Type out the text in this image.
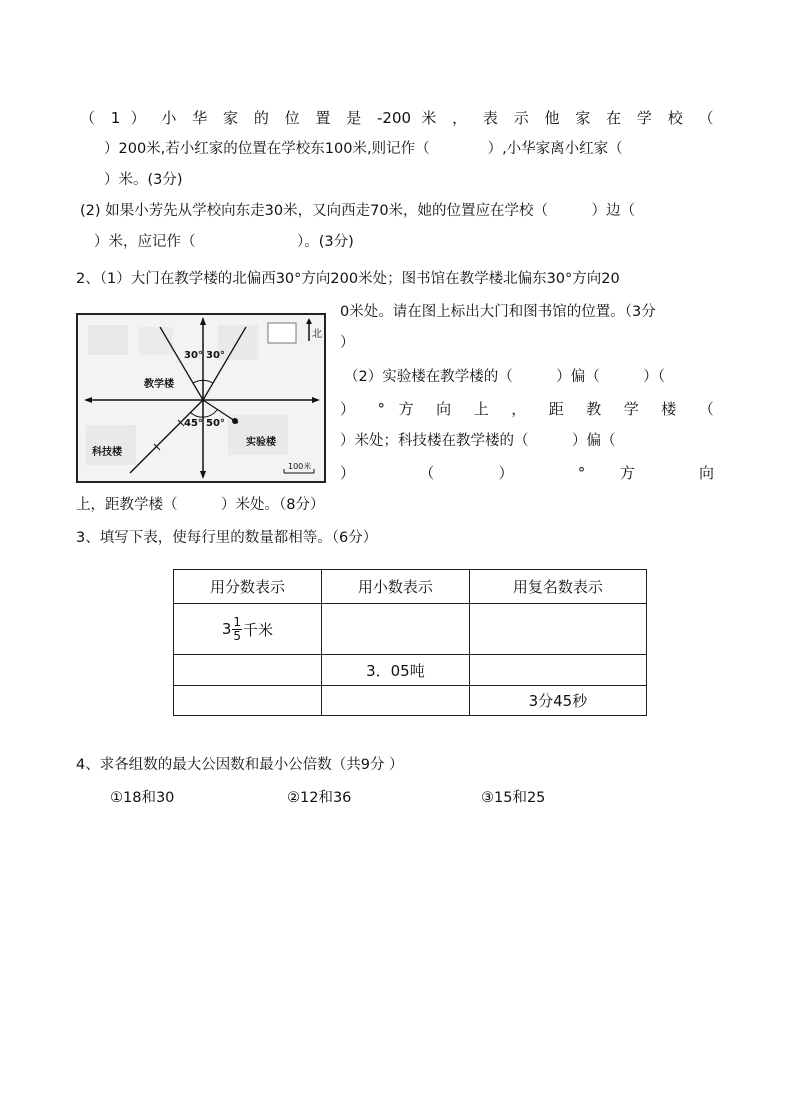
（ 1 ） 小 华 家 的 位 置 是 -200 米 ， 表 示 他 家 在 学 校 （
）200米,若小红家的位置在学校东100米,则记作（　　　　）,小华家离小红家（
）米。(3分)
(2) 如果小芳先从学校向东走30米，又向西走70米，她的位置应在学校（　　　）边（
）米，应记作（　　　　　　　）。(3分)
2、（1）大门在教学楼的北偏西30°方向200米处；图书馆在教学楼北偏东30°方向20
0米处。请在图上标出大门和图书馆的位置。（3分
）
（2）实验楼在教学楼的（　　　）偏（　　　）（
） ° 方 向 上 ， 距 教 学 楼 （
）米处；科技楼在教学楼的（　　　）偏（
） （ ） ° 方 向
上，距教学楼（　　　）米处。（8分）
北
30° 30°
45° 50°
教学楼
科技楼
实验楼
100米
3、填写下表，使每行里的数量都相等。（6分）
用分数表示	用小数表示	用复名数表示

$3 \frac{1}{5}$ 千米		

	3．05吨	
		3分45秒
4、求各组数的最大公因数和最小公倍数（共9分 ）
①18和30	②12和36	③15和25
